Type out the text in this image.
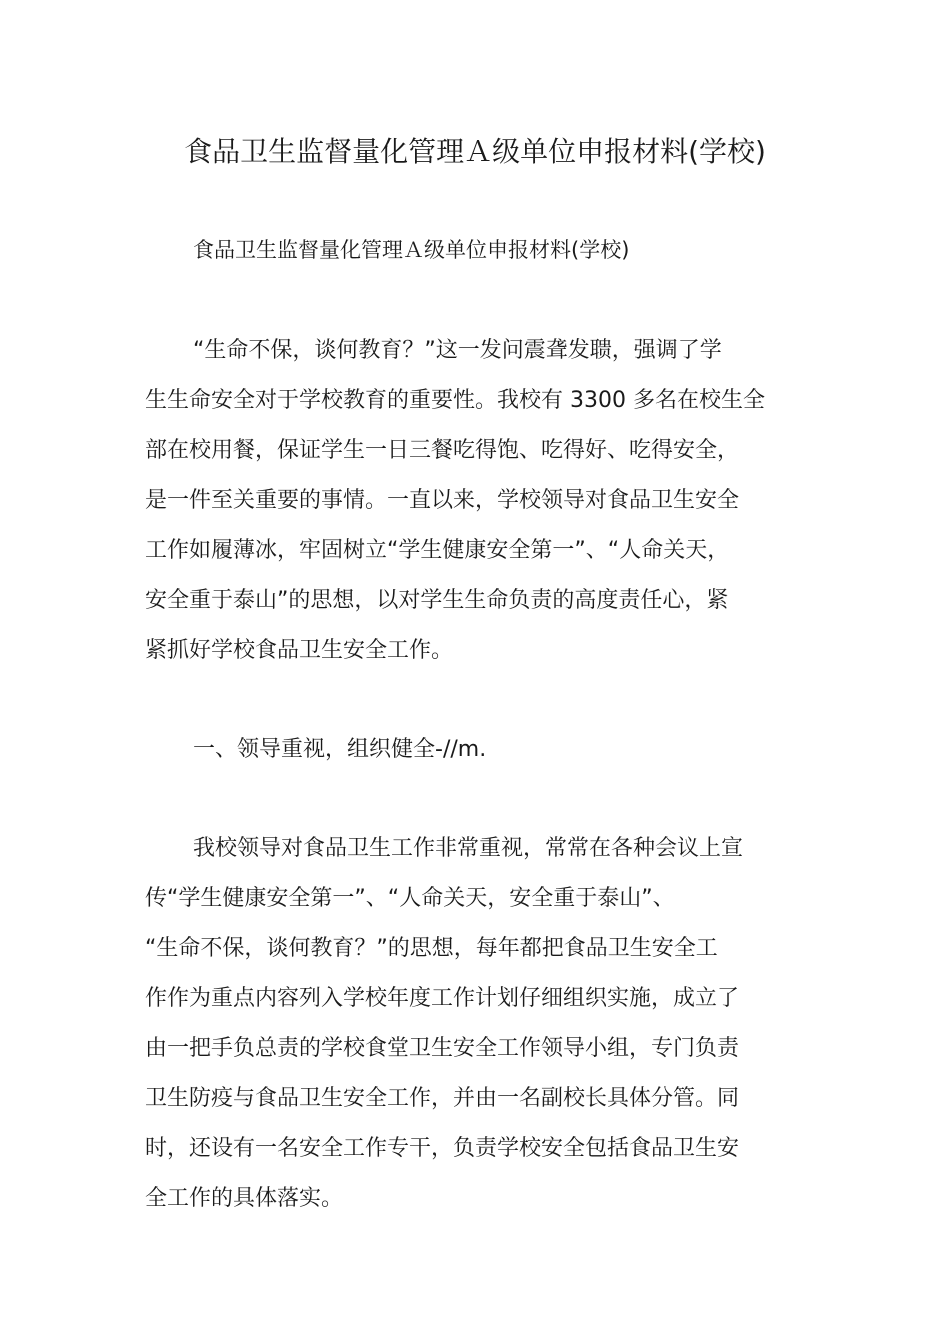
食品卫生监督量化管理Ａ级单位申报材料(学校)

食品卫生监督量化管理Ａ级单位申报材料(学校)

“生命不保，谈何教育？”这一发问震聋发聩，强调了学
生生命安全对于学校教育的重要性。我校有 3300 多名在校生全
部在校用餐，保证学生一日三餐吃得饱、吃得好、吃得安全，
是一件至关重要的事情。一直以来，学校领导对食品卫生安全
工作如履薄冰，牢固树立“学生健康安全第一”、“人命关天，
安全重于泰山”的思想，以对学生生命负责的高度责任心，紧
紧抓好学校食品卫生安全工作。

一、领导重视，组织健全-//m.

我校领导对食品卫生工作非常重视，常常在各种会议上宣
传“学生健康安全第一”、“人命关天，安全重于泰山”、
“生命不保，谈何教育？”的思想，每年都把食品卫生安全工
作作为重点内容列入学校年度工作计划仔细组织实施，成立了
由一把手负总责的学校食堂卫生安全工作领导小组，专门负责
卫生防疫与食品卫生安全工作，并由一名副校长具体分管。同
时，还设有一名安全工作专干，负责学校安全包括食品卫生安
全工作的具体落实。
